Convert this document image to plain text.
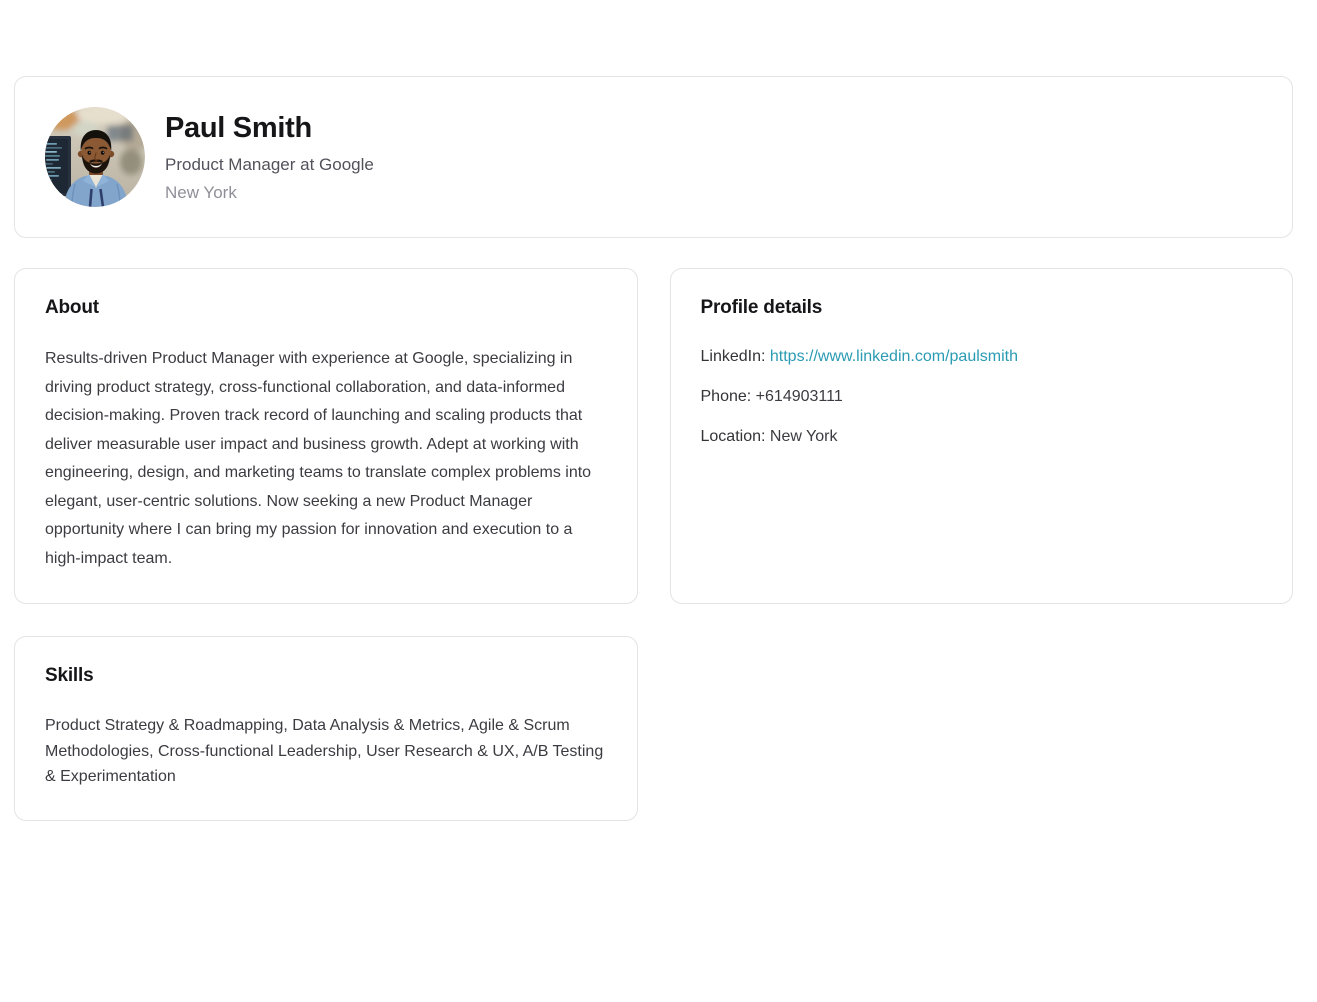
Paul Smith
Product Manager at Google
New York
About

Results-driven Product Manager with experience at Google, specializing in driving product strategy, cross-functional collaboration, and data-informed decision-making. Proven track record of launching and scaling products that deliver measurable user impact and business growth. Adept at working with engineering, design, and marketing teams to translate complex problems into elegant, user-centric solutions. Now seeking a new Product Manager opportunity where I can bring my passion for innovation and execution to a high-impact team.

Profile details
LinkedIn: https://www.linkedin.com/paulsmith
Phone: +614903111
Location: New York
Skills

Product Strategy & Roadmapping, Data Analysis & Metrics, Agile & Scrum Methodologies, Cross-functional Leadership, User Research & UX, A/B Testing & Experimentation
